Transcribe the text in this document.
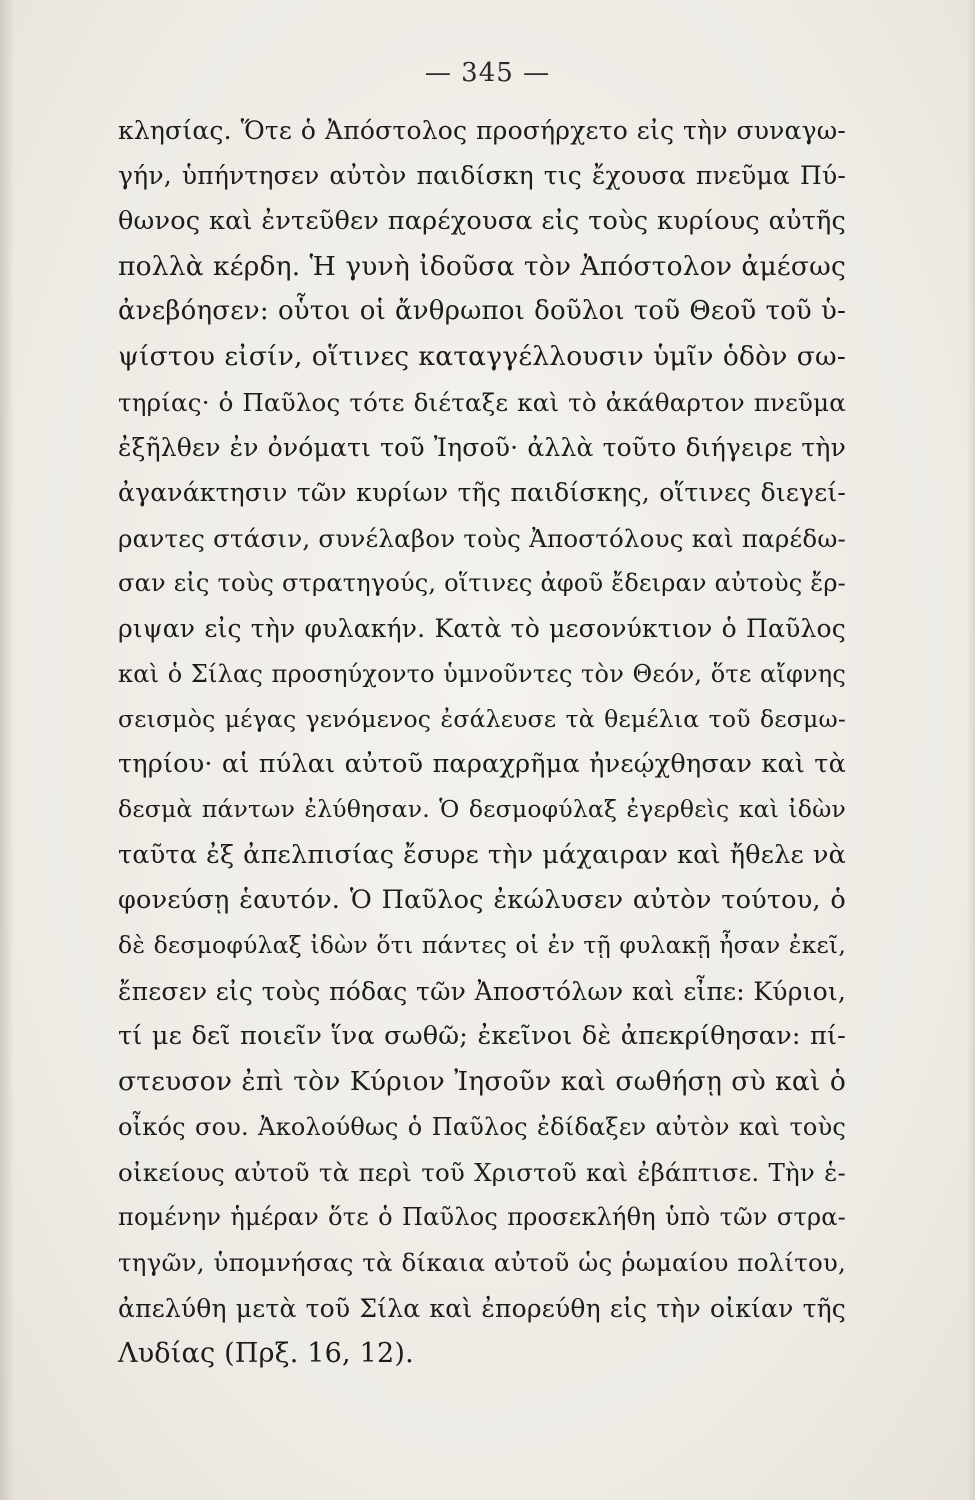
— 345 —
κλησίας. Ὅτε ὁ Ἀπόστολος προσήρχετο εἰς τὴν συναγω-
γήν, ὑπήντησεν αὐτὸν παιδίσκη τις ἔχουσα πνεῦμα Πύ-
θωνος καὶ ἐντεῦθεν παρέχουσα εἰς τοὺς κυρίους αὐτῆς
πολλὰ κέρδη. Ἡ γυνὴ ἰδοῦσα τὸν Ἀπόστολον ἀμέσως
ἀνεβόησεν: οὗτοι οἱ ἄνθρωποι δοῦλοι τοῦ Θεοῦ τοῦ ὑ-
ψίστου εἰσίν, οἵτινες καταγγέλλουσιν ὑμῖν ὁδὸν σω-
τηρίας· ὁ Παῦλος τότε διέταξε καὶ τὸ ἀκάθαρτον πνεῦμα
ἐξῆλθεν ἐν ὀνόματι τοῦ Ἰησοῦ· ἀλλὰ τοῦτο διήγειρε τὴν
ἀγανάκτησιν τῶν κυρίων τῆς παιδίσκης, οἵτινες διεγεί-
ραντες στάσιν, συνέλαβον τοὺς Ἀποστόλους καὶ παρέδω-
σαν εἰς τοὺς στρατηγούς, οἵτινες ἀφοῦ ἔδειραν αὐτοὺς ἔρ-
ριψαν εἰς τὴν φυλακήν. Κατὰ τὸ μεσονύκτιον ὁ Παῦλος
καὶ ὁ Σίλας προσηύχοντο ὑμνοῦντες τὸν Θεόν, ὅτε αἴφνης
σεισμὸς μέγας γενόμενος ἐσάλευσε τὰ θεμέλια τοῦ δεσμω-
τηρίου· αἱ πύλαι αὐτοῦ παραχρῆμα ἠνεῴχθησαν καὶ τὰ
δεσμὰ πάντων ἐλύθησαν. Ὁ δεσμοφύλαξ ἐγερθεὶς καὶ ἰδὼν
ταῦτα ἐξ ἀπελπισίας ἔσυρε τὴν μάχαιραν καὶ ἤθελε νὰ
φονεύσῃ ἑαυτόν. Ὁ Παῦλος ἐκώλυσεν αὐτὸν τούτου, ὁ
δὲ δεσμοφύλαξ ἰδὼν ὅτι πάντες οἱ ἐν τῇ φυλακῇ ἦσαν ἐκεῖ,
ἔπεσεν εἰς τοὺς πόδας τῶν Ἀποστόλων καὶ εἶπε: Κύριοι,
τί με δεῖ ποιεῖν ἵνα σωθῶ; ἐκεῖνοι δὲ ἀπεκρίθησαν: πί-
στευσον ἐπὶ τὸν Κύριον Ἰησοῦν καὶ σωθήσῃ σὺ καὶ ὁ
οἶκός σου. Ἀκολούθως ὁ Παῦλος ἐδίδαξεν αὐτὸν καὶ τοὺς
οἰκείους αὐτοῦ τὰ περὶ τοῦ Χριστοῦ καὶ ἐβάπτισε. Τὴν ἑ-
πομένην ἡμέραν ὅτε ὁ Παῦλος προσεκλήθη ὑπὸ τῶν στρα-
τηγῶν, ὑπομνήσας τὰ δίκαια αὐτοῦ ὡς ῥωμαίου πολίτου,
ἀπελύθη μετὰ τοῦ Σίλα καὶ ἐπορεύθη εἰς τὴν οἰκίαν τῆς
Λυδίας (Πρξ. 16, 12).
